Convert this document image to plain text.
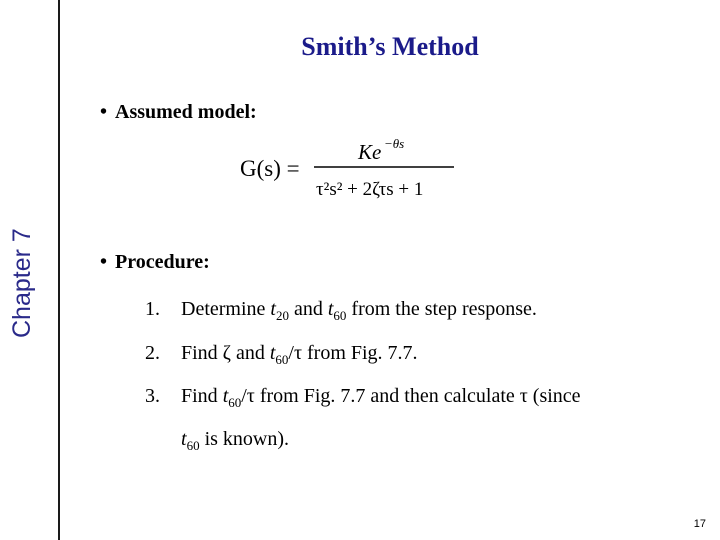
Chapter 7
Smith’s Method
• Assumed model:
G(s) =
Ke −θs
τ²s² + 2ζτs + 1
• Procedure:
1. Determine $t_{20}$ and $t_{60}$ from the step response.
2. Find ζ and $t_{60}/\tau$ from Fig. 7.7.
3. Find $t_{60}/\tau$ from Fig. 7.7 and then calculate τ (since
$t_{60}$ is known).
17
